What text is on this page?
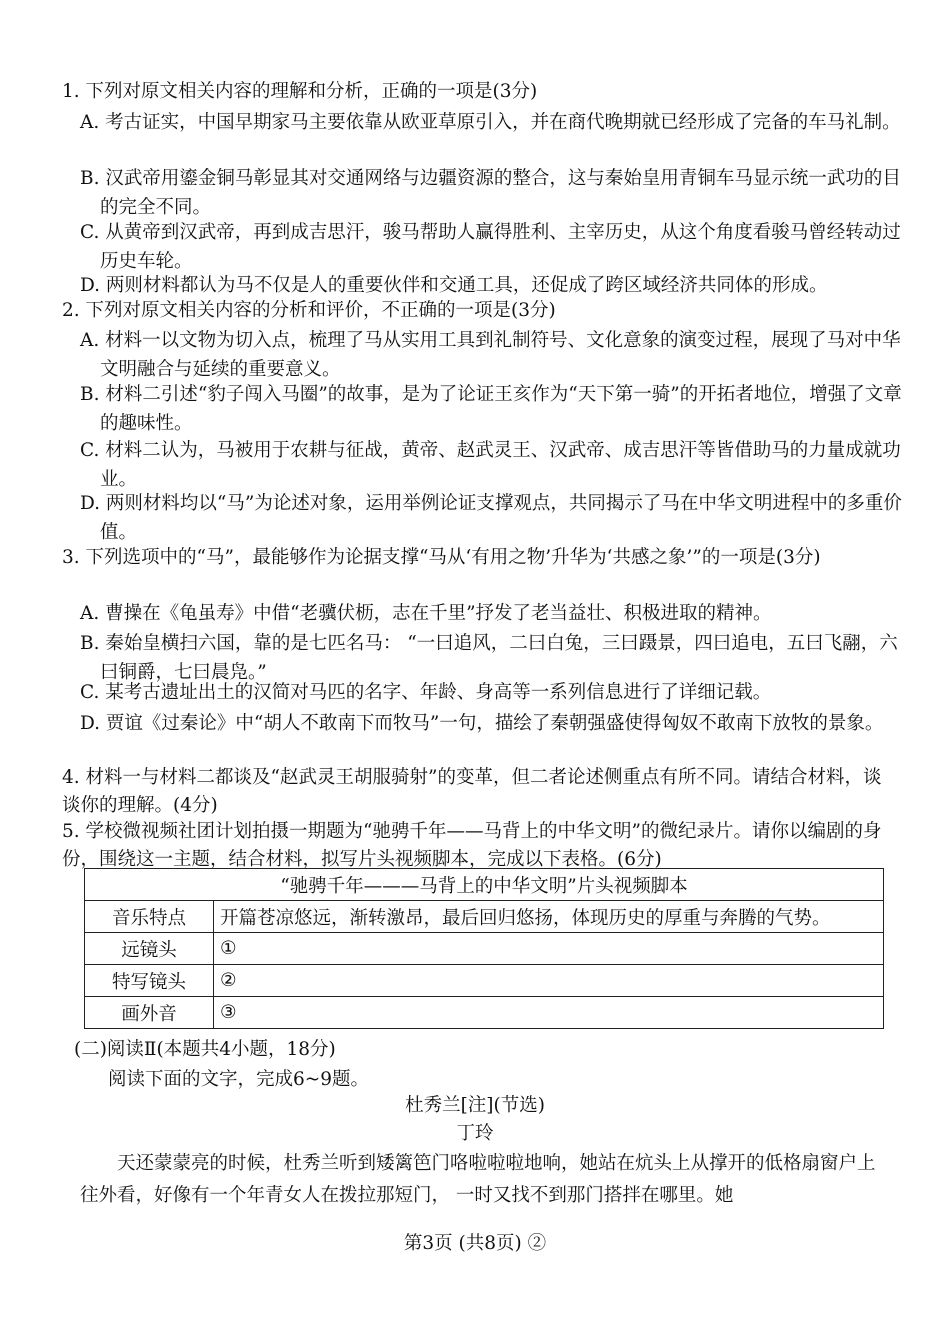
1. 下列对原文相关内容的理解和分析，正确的一项是(3分)
A. 考古证实，中国早期家马主要依靠从欧亚草原引入，并在商代晚期就已经形成了完备的车马礼制。
B. 汉武帝用鎏金铜马彰显其对交通网络与边疆资源的整合，这与秦始皇用青铜车马显示统一武功的目的完全不同。
C. 从黄帝到汉武帝，再到成吉思汗，骏马帮助人赢得胜利、主宰历史，从这个角度看骏马曾经转动过历史车轮。
D. 两则材料都认为马不仅是人的重要伙伴和交通工具，还促成了跨区域经济共同体的形成。
2. 下列对原文相关内容的分析和评价，不正确的一项是(3分)
A. 材料一以文物为切入点，梳理了马从实用工具到礼制符号、文化意象的演变过程，展现了马对中华文明融合与延续的重要意义。
B. 材料二引述“豹子闯入马圈”的故事，是为了论证王亥作为“天下第一骑”的开拓者地位，增强了文章的趣味性。
C. 材料二认为，马被用于农耕与征战，黄帝、赵武灵王、汉武帝、成吉思汗等皆借助马的力量成就功业。
D. 两则材料均以“马”为论述对象，运用举例论证支撑观点，共同揭示了马在中华文明进程中的多重价值。
3. 下列选项中的“马”，最能够作为论据支撑“马从‘有用之物’升华为‘共感之象’”的一项是(3分)
A. 曹操在《龟虽寿》中借“老骥伏枥，志在千里”抒发了老当益壮、积极进取的精神。
B. 秦始皇横扫六国，靠的是七匹名马： “一曰追风，二曰白兔，三曰蹑景，四曰追电，五曰飞翮，六曰铜爵，七曰晨凫。”
C. 某考古遗址出土的汉简对马匹的名字、年龄、身高等一系列信息进行了详细记载。
D. 贾谊《过秦论》中“胡人不敢南下而牧马”一句，描绘了秦朝强盛使得匈奴不敢南下放牧的景象。
4. 材料一与材料二都谈及“赵武灵王胡服骑射”的变革，但二者论述侧重点有所不同。请结合材料，谈谈你的理解。(4分)
5. 学校微视频社团计划拍摄一期题为“驰骋千年——马背上的中华文明”的微纪录片。请你以编剧的身份，围绕这一主题，结合材料，拟写片头视频脚本，完成以下表格。(6分)
“驰骋千年———马背上的中华文明”片头视频脚本	
音乐特点	开篇苍凉悠远，渐转激昂，最后回归悠扬，体现历史的厚重与奔腾的气势。
远镜头	①
特写镜头	②
画外音	③
(二)阅读Ⅱ(本题共4小题，18分)
阅读下面的文字，完成6~9题。
杜秀兰[注](节选)
丁玲
天还蒙蒙亮的时候，杜秀兰听到矮篱笆门咯啦啦啦地响，她站在炕头上从撑开的低格扇窗户上往外看，好像有一个年青女人在拨拉那短门， 一时又找不到那门搭拌在哪里。她
第3页 (共8页) ②
